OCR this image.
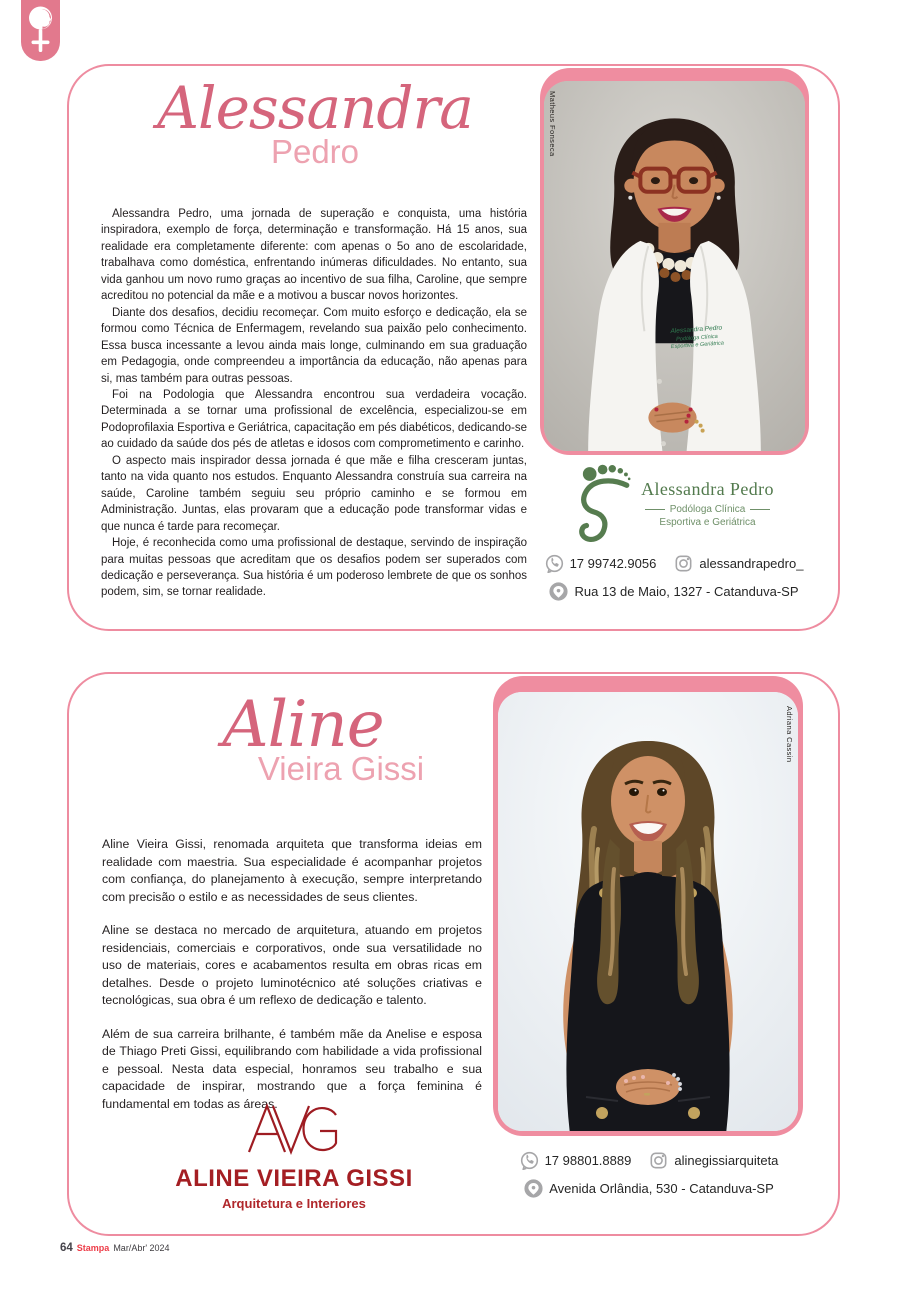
Alessandra
Pedro

Alessandra Pedro, uma jornada de superação e conquista, uma história inspiradora, exemplo de força, determinação e transformação. Há 15 anos, sua realidade era completamente diferente: com apenas o 5o ano de escolaridade, trabalhava como doméstica, enfrentando inúmeras dificuldades. No entanto, sua vida ganhou um novo rumo graças ao incentivo de sua filha, Caroline, que sempre acreditou no potencial da mãe e a motivou a buscar novos horizontes.

Diante dos desafios, decidiu recomeçar. Com muito esforço e dedicação, ela se formou como Técnica de Enfermagem, revelando sua paixão pelo conhecimento. Essa busca incessante a levou ainda mais longe, culminando em sua graduação em Pedagogia, onde compreendeu a importância da educação, não apenas para si, mas também para outras pessoas.

Foi na Podologia que Alessandra encontrou sua verdadeira vocação. Determinada a se tornar uma profissional de excelência, especializou-se em Podoprofilaxia Esportiva e Geriátrica, capacitação em pés diabéticos, dedicando-se ao cuidado da saúde dos pés de atletas e idosos com comprometimento e carinho.

O aspecto mais inspirador dessa jornada é que mãe e filha cresceram juntas, tanto na vida quanto nos estudos. Enquanto Alessandra construía sua carreira na saúde, Caroline também seguiu seu próprio caminho e se formou em Administração. Juntas, elas provaram que a educação pode transformar vidas e que nunca é tarde para recomeçar.

Hoje, é reconhecida como uma profissional de destaque, servindo de inspiração para muitas pessoas que acreditam que os desafios podem ser superados com dedicação e perseverança. Sua história é um poderoso lembrete de que os sonhos podem, sim, se tornar realidade.

Alessandra Pedro
Podóloga Clínica
Esportiva e Geriátrica
Matheus Fonseca
Alessandra Pedro
Podóloga Clínica
Esportiva e Geriátrica
17 99742.9056	alessandrapedro_
Rua 13 de Maio, 1327 - Catanduva-SP
Aline
Vieira Gissi

Aline Vieira Gissi, renomada arquiteta que transforma ideias em realidade com maestria. Sua especialidade é acompanhar projetos com confiança, do planejamento à execução, sempre interpretando com precisão o estilo e as necessidades de seus clientes.

Aline se destaca no mercado de arquitetura, atuando em projetos residenciais, comerciais e corporativos, onde sua versatilidade no uso de materiais, cores e acabamentos resulta em obras ricas em detalhes. Desde o projeto luminotécnico até soluções criativas e tecnológicas, sua obra é um reflexo de dedicação e talento.

Além de sua carreira brilhante, é também mãe da Anelise e esposa de Thiago Preti Gissi, equilibrando com habilidade a vida profissional e pessoal. Nesta data especial, honramos seu trabalho e sua capacidade de inspirar, mostrando que a força feminina é fundamental em todas as áreas.

Adriana Cassin
ALINE VIEIRA GISSI
Arquitetura e Interiores
17 98801.8889	alinegissiarquiteta
Avenida Orlândia, 530 - Catanduva-SP
64 Stampa Mar/Abr' 2024
